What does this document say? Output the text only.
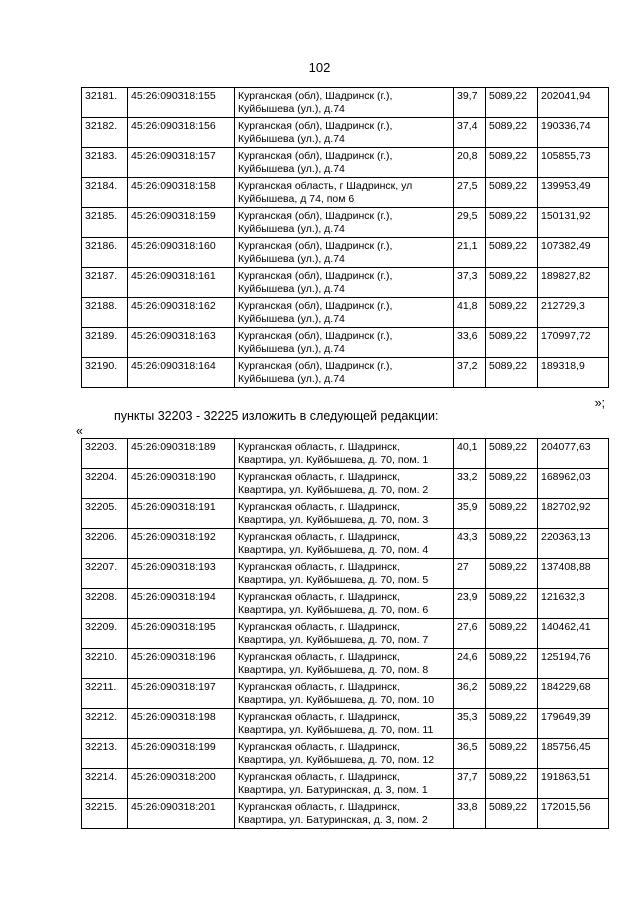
102
32181.	45:26:090318:155	Курганская (обл), Шадринск (г.), Куйбышева (ул.), д.74	39,7	5089,22	202041,94
32182.	45:26:090318:156	Курганская (обл), Шадринск (г.), Куйбышева (ул.), д.74	37,4	5089,22	190336,74
32183.	45:26:090318:157	Курганская (обл), Шадринск (г.), Куйбышева (ул.), д.74	20,8	5089,22	105855,73
32184.	45:26:090318:158	Курганская область, г Шадринск, ул Куйбышева, д 74, пом 6	27,5	5089,22	139953,49
32185.	45:26:090318:159	Курганская (обл), Шадринск (г.), Куйбышева (ул.), д.74	29,5	5089,22	150131,92
32186.	45:26:090318:160	Курганская (обл), Шадринск (г.), Куйбышева (ул.), д.74	21,1	5089,22	107382,49
32187.	45:26:090318:161	Курганская (обл), Шадринск (г.), Куйбышева (ул.), д.74	37,3	5089,22	189827,82
32188.	45:26:090318:162	Курганская (обл), Шадринск (г.), Куйбышева (ул.), д.74	41,8	5089,22	212729,3
32189.	45:26:090318:163	Курганская (обл), Шадринск (г.), Куйбышева (ул.), д.74	33,6	5089,22	170997,72
32190.	45:26:090318:164	Курганская (обл), Шадринск (г.), Куйбышева (ул.), д.74	37,2	5089,22	189318,9
»;
пункты 32203 - 32225 изложить в следующей редакции:
«
32203.	45:26:090318:189	Курганская область, г. Шадринск, Квартира, ул. Куйбышева, д. 70, пом. 1	40,1	5089,22	204077,63
32204.	45:26:090318:190	Курганская область, г. Шадринск, Квартира, ул. Куйбышева, д. 70, пом. 2	33,2	5089,22	168962,03
32205.	45:26:090318:191	Курганская область, г. Шадринск, Квартира, ул. Куйбышева, д. 70, пом. 3	35,9	5089,22	182702,92
32206.	45:26:090318:192	Курганская область, г. Шадринск, Квартира, ул. Куйбышева, д. 70, пом. 4	43,3	5089,22	220363,13
32207.	45:26:090318:193	Курганская область, г. Шадринск, Квартира, ул. Куйбышева, д. 70, пом. 5	27	5089,22	137408,88
32208.	45:26:090318:194	Курганская область, г. Шадринск, Квартира, ул. Куйбышева, д. 70, пом. 6	23,9	5089,22	121632,3
32209.	45:26:090318:195	Курганская область, г. Шадринск, Квартира, ул. Куйбышева, д. 70, пом. 7	27,6	5089,22	140462,41
32210.	45:26:090318:196	Курганская область, г. Шадринск, Квартира, ул. Куйбышева, д. 70, пом. 8	24,6	5089,22	125194,76
32211.	45:26:090318:197	Курганская область, г. Шадринск, Квартира, ул. Куйбышева, д. 70, пом. 10	36,2	5089,22	184229,68
32212.	45:26:090318:198	Курганская область, г. Шадринск, Квартира, ул. Куйбышева, д. 70, пом. 11	35,3	5089,22	179649,39
32213.	45:26:090318:199	Курганская область, г. Шадринск, Квартира, ул. Куйбышева, д. 70, пом. 12	36,5	5089,22	185756,45
32214.	45:26:090318:200	Курганская область, г. Шадринск, Квартира, ул. Батуринская, д. 3, пом. 1	37,7	5089,22	191863,51
32215.	45:26:090318:201	Курганская область, г. Шадринск, Квартира, ул. Батуринская, д. 3, пом. 2	33,8	5089,22	172015,56
